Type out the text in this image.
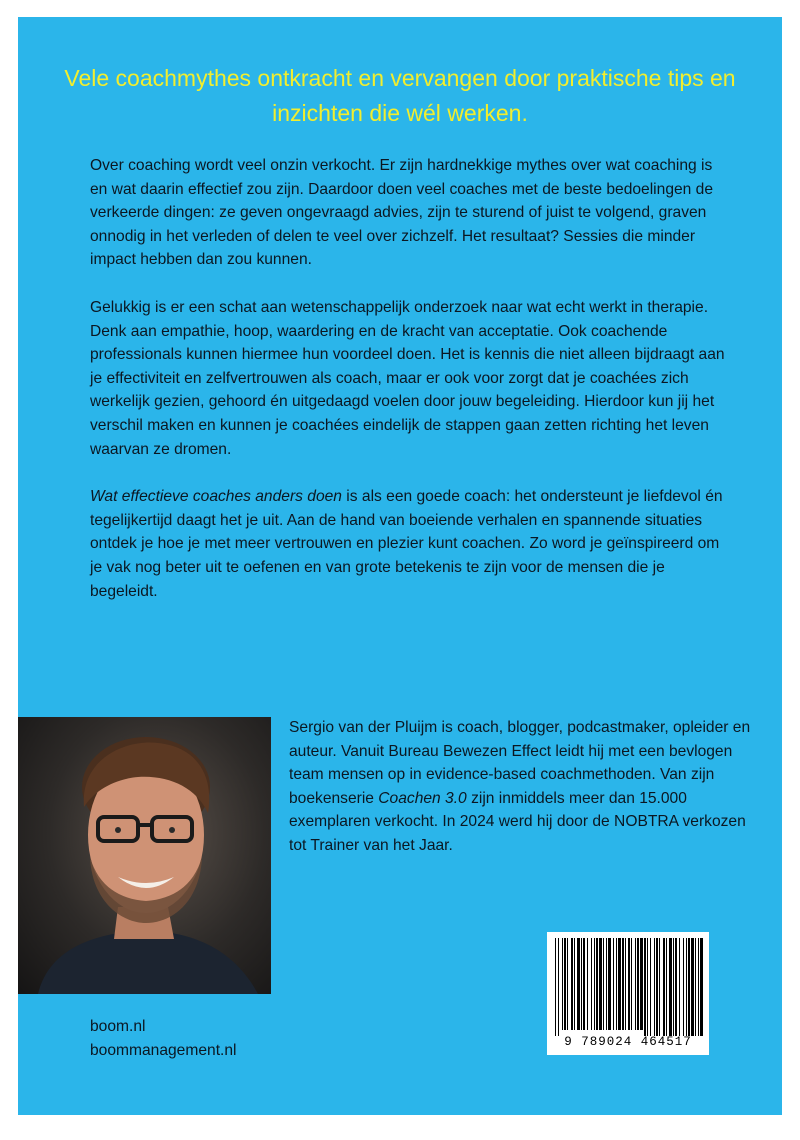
Vele coachmythes ontkracht en vervangen door praktische tips en inzichten die wél werken.

Over coaching wordt veel onzin verkocht. Er zijn hardnekkige mythes over wat coaching is en wat daarin effectief zou zijn. Daardoor doen veel coaches met de beste bedoelingen de verkeerde dingen: ze geven ongevraagd advies, zijn te sturend of juist te volgend, graven onnodig in het verleden of delen te veel over zichzelf. Het resultaat? Sessies die minder impact hebben dan zou kunnen.

Gelukkig is er een schat aan wetenschappelijk onderzoek naar wat echt werkt in therapie. Denk aan empathie, hoop, waardering en de kracht van acceptatie. Ook coachende professionals kunnen hiermee hun voordeel doen. Het is kennis die niet alleen bijdraagt aan je effectiviteit en zelfvertrouwen als coach, maar er ook voor zorgt dat je coachées zich werkelijk gezien, gehoord én uitgedaagd voelen door jouw begeleiding. Hierdoor kun jij het verschil maken en kunnen je coachées eindelijk de stappen gaan zetten richting het leven waarvan ze dromen.

Wat effectieve coaches anders doen is als een goede coach: het ondersteunt je liefdevol én tegelijkertijd daagt het je uit. Aan de hand van boeiende verhalen en spannende situaties ontdek je hoe je met meer vertrouwen en plezier kunt coachen. Zo word je geïnspireerd om je vak nog beter uit te oefenen en van grote betekenis te zijn voor de mensen die je begeleidt.

Sergio van der Pluijm is coach, blogger, podcastmaker, opleider en auteur. Vanuit Bureau Bewezen Effect leidt hij met een bevlogen team mensen op in evidence-based coachmethoden. Van zijn boekenserie Coachen 3.0 zijn inmiddels meer dan 15.000 exemplaren verkocht. In 2024 werd hij door de NOBTRA verkozen tot Trainer van het Jaar.

9 789024 464517
boom.nl
boommanagement.nl
